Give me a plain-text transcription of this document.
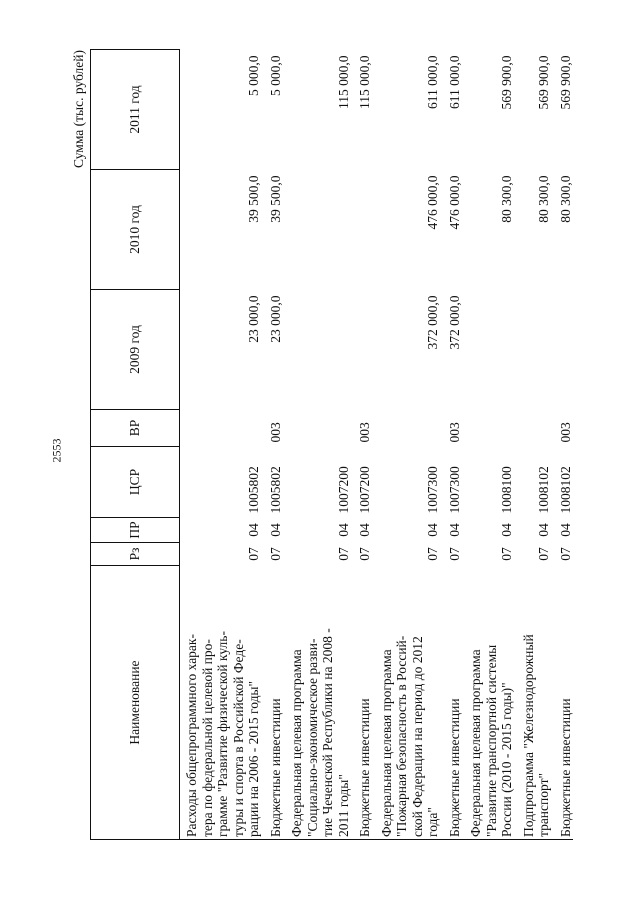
2553
Сумма (тыс. рублей)
Наименование	Рз	ПР	ЦСР	ВР	2009 год	2010 год	2011 год

Расходы общепрограммного харак- тера по федеральной целевой про- грамме "Развитие физической куль- туры и спорта в Российской Феде- рации на 2006 - 2015 годы"	07	04	1005802		23 000,0	39 500,0	5 000,0

Бюджетные инвестиции	07	04	1005802	003	23 000,0	39 500,0	5 000,0

Федеральная целевая программа "Социально-экономическое разви- тие Чеченской Республики на 2008 - 2011 годы"	07	04	1007200				115 000,0

Бюджетные инвестиции	07	04	1007200	003			115 000,0

Федеральная целевая программа "Пожарная безопасность в Россий- ской Федерации на период до 2012 года"	07	04	1007300		372 000,0	476 000,0	611 000,0

Бюджетные инвестиции	07	04	1007300	003	372 000,0	476 000,0	611 000,0

Федеральная целевая программа "Развитие транспортной системы России (2010 - 2015 годы)"	07	04	1008100			80 300,0	569 900,0

Подпрограмма "Железнодорожный транспорт"	07	04	1008102			80 300,0	569 900,0

Бюджетные инвестиции	07	04	1008102	003		80 300,0	569 900,0
